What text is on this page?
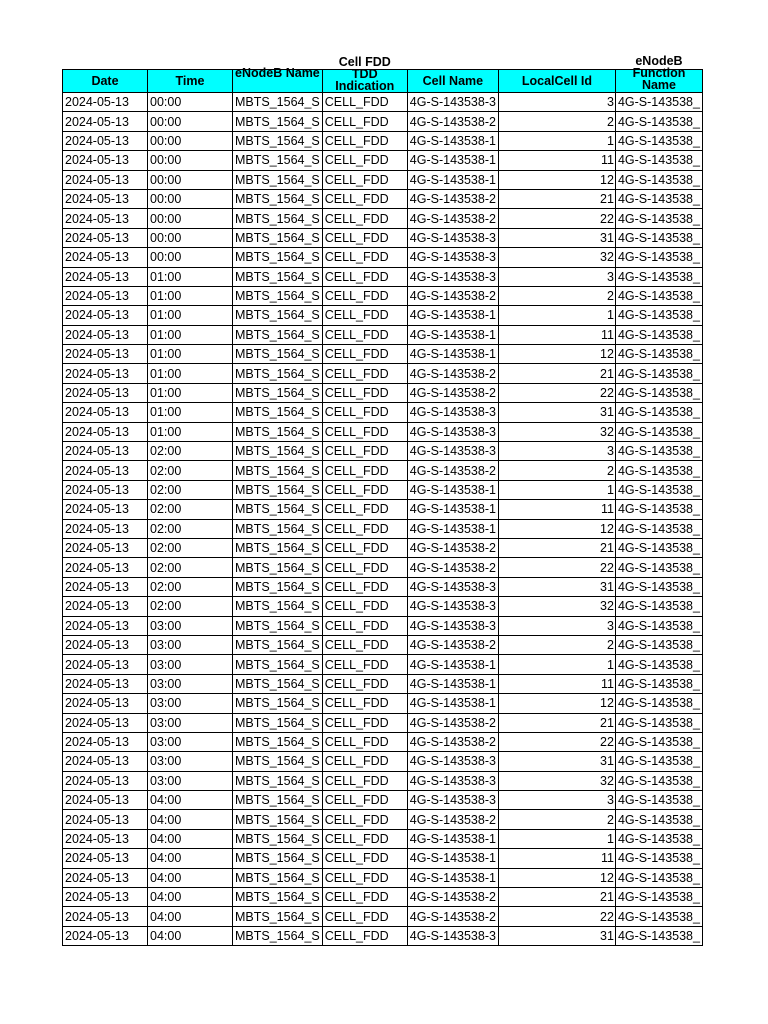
Date	Time	eNodeB Name	Cell FDD TDD Indication	Cell Name	LocalCell Id	eNodeB Function Name

2024-05-13	00:00	MBTS_1564_S	CELL_FDD	4G-S-143538-3	3	4G-S-143538_
2024-05-13	00:00	MBTS_1564_S	CELL_FDD	4G-S-143538-2	2	4G-S-143538_
2024-05-13	00:00	MBTS_1564_S	CELL_FDD	4G-S-143538-1	1	4G-S-143538_
2024-05-13	00:00	MBTS_1564_S	CELL_FDD	4G-S-143538-1	11	4G-S-143538_
2024-05-13	00:00	MBTS_1564_S	CELL_FDD	4G-S-143538-1	12	4G-S-143538_
2024-05-13	00:00	MBTS_1564_S	CELL_FDD	4G-S-143538-2	21	4G-S-143538_
2024-05-13	00:00	MBTS_1564_S	CELL_FDD	4G-S-143538-2	22	4G-S-143538_
2024-05-13	00:00	MBTS_1564_S	CELL_FDD	4G-S-143538-3	31	4G-S-143538_
2024-05-13	00:00	MBTS_1564_S	CELL_FDD	4G-S-143538-3	32	4G-S-143538_
2024-05-13	01:00	MBTS_1564_S	CELL_FDD	4G-S-143538-3	3	4G-S-143538_
2024-05-13	01:00	MBTS_1564_S	CELL_FDD	4G-S-143538-2	2	4G-S-143538_
2024-05-13	01:00	MBTS_1564_S	CELL_FDD	4G-S-143538-1	1	4G-S-143538_
2024-05-13	01:00	MBTS_1564_S	CELL_FDD	4G-S-143538-1	11	4G-S-143538_
2024-05-13	01:00	MBTS_1564_S	CELL_FDD	4G-S-143538-1	12	4G-S-143538_
2024-05-13	01:00	MBTS_1564_S	CELL_FDD	4G-S-143538-2	21	4G-S-143538_
2024-05-13	01:00	MBTS_1564_S	CELL_FDD	4G-S-143538-2	22	4G-S-143538_
2024-05-13	01:00	MBTS_1564_S	CELL_FDD	4G-S-143538-3	31	4G-S-143538_
2024-05-13	01:00	MBTS_1564_S	CELL_FDD	4G-S-143538-3	32	4G-S-143538_
2024-05-13	02:00	MBTS_1564_S	CELL_FDD	4G-S-143538-3	3	4G-S-143538_
2024-05-13	02:00	MBTS_1564_S	CELL_FDD	4G-S-143538-2	2	4G-S-143538_
2024-05-13	02:00	MBTS_1564_S	CELL_FDD	4G-S-143538-1	1	4G-S-143538_
2024-05-13	02:00	MBTS_1564_S	CELL_FDD	4G-S-143538-1	11	4G-S-143538_
2024-05-13	02:00	MBTS_1564_S	CELL_FDD	4G-S-143538-1	12	4G-S-143538_
2024-05-13	02:00	MBTS_1564_S	CELL_FDD	4G-S-143538-2	21	4G-S-143538_
2024-05-13	02:00	MBTS_1564_S	CELL_FDD	4G-S-143538-2	22	4G-S-143538_
2024-05-13	02:00	MBTS_1564_S	CELL_FDD	4G-S-143538-3	31	4G-S-143538_
2024-05-13	02:00	MBTS_1564_S	CELL_FDD	4G-S-143538-3	32	4G-S-143538_
2024-05-13	03:00	MBTS_1564_S	CELL_FDD	4G-S-143538-3	3	4G-S-143538_
2024-05-13	03:00	MBTS_1564_S	CELL_FDD	4G-S-143538-2	2	4G-S-143538_
2024-05-13	03:00	MBTS_1564_S	CELL_FDD	4G-S-143538-1	1	4G-S-143538_
2024-05-13	03:00	MBTS_1564_S	CELL_FDD	4G-S-143538-1	11	4G-S-143538_
2024-05-13	03:00	MBTS_1564_S	CELL_FDD	4G-S-143538-1	12	4G-S-143538_
2024-05-13	03:00	MBTS_1564_S	CELL_FDD	4G-S-143538-2	21	4G-S-143538_
2024-05-13	03:00	MBTS_1564_S	CELL_FDD	4G-S-143538-2	22	4G-S-143538_
2024-05-13	03:00	MBTS_1564_S	CELL_FDD	4G-S-143538-3	31	4G-S-143538_
2024-05-13	03:00	MBTS_1564_S	CELL_FDD	4G-S-143538-3	32	4G-S-143538_
2024-05-13	04:00	MBTS_1564_S	CELL_FDD	4G-S-143538-3	3	4G-S-143538_
2024-05-13	04:00	MBTS_1564_S	CELL_FDD	4G-S-143538-2	2	4G-S-143538_
2024-05-13	04:00	MBTS_1564_S	CELL_FDD	4G-S-143538-1	1	4G-S-143538_
2024-05-13	04:00	MBTS_1564_S	CELL_FDD	4G-S-143538-1	11	4G-S-143538_
2024-05-13	04:00	MBTS_1564_S	CELL_FDD	4G-S-143538-1	12	4G-S-143538_
2024-05-13	04:00	MBTS_1564_S	CELL_FDD	4G-S-143538-2	21	4G-S-143538_
2024-05-13	04:00	MBTS_1564_S	CELL_FDD	4G-S-143538-2	22	4G-S-143538_
2024-05-13	04:00	MBTS_1564_S	CELL_FDD	4G-S-143538-3	31	4G-S-143538_
